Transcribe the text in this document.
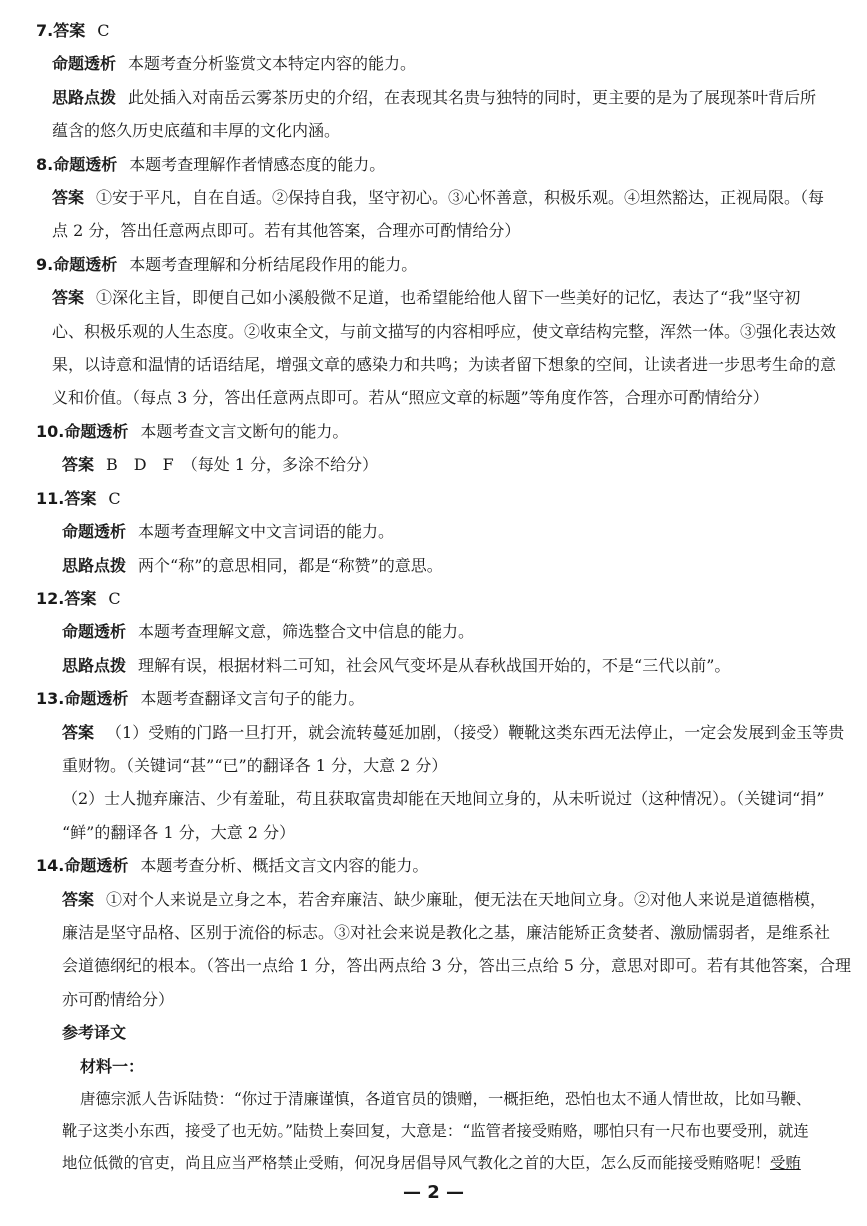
7.答案 C
命题透析 本题考查分析鉴赏文本特定内容的能力。
思路点拨 此处插入对南岳云雾茶历史的介绍，在表现其名贵与独特的同时，更主要的是为了展现茶叶背后所
蕴含的悠久历史底蕴和丰厚的文化内涵。
8.命题透析 本题考查理解作者情感态度的能力。
答案 ①安于平凡，自在自适。②保持自我，坚守初心。③心怀善意，积极乐观。④坦然豁达，正视局限。（每
点 2 分，答出任意两点即可。若有其他答案，合理亦可酌情给分）
9.命题透析 本题考查理解和分析结尾段作用的能力。
答案 ①深化主旨，即便自己如小溪般微不足道，也希望能给他人留下一些美好的记忆，表达了“我”坚守初
心、积极乐观的人生态度。②收束全文，与前文描写的内容相呼应，使文章结构完整，浑然一体。③强化表达效
果，以诗意和温情的话语结尾，增强文章的感染力和共鸣；为读者留下想象的空间，让读者进一步思考生命的意
义和价值。（每点 3 分，答出任意两点即可。若从“照应文章的标题”等角度作答，合理亦可酌情给分）
10.命题透析 本题考查文言文断句的能力。
答案 B　D　F　（每处 1 分，多涂不给分）
11.答案 C
命题透析 本题考查理解文中文言词语的能力。
思路点拨 两个“称”的意思相同，都是“称赞”的意思。
12.答案 C
命题透析 本题考查理解文意，筛选整合文中信息的能力。
思路点拨 理解有误，根据材料二可知，社会风气变坏是从春秋战国开始的，不是“三代以前”。
13.命题透析 本题考查翻译文言句子的能力。
答案 （1）受贿的门路一旦打开，就会流转蔓延加剧，（接受）鞭靴这类东西无法停止，一定会发展到金玉等贵
重财物。（关键词“甚”“已”的翻译各 1 分，大意 2 分）
（2）士人抛弃廉洁、少有羞耻，苟且获取富贵却能在天地间立身的，从未听说过（这种情况）。（关键词“捐”
“鲜”的翻译各 1 分，大意 2 分）
14.命题透析 本题考查分析、概括文言文内容的能力。
答案 ①对个人来说是立身之本，若舍弃廉洁、缺少廉耻，便无法在天地间立身。②对他人来说是道德楷模，
廉洁是坚守品格、区别于流俗的标志。③对社会来说是教化之基，廉洁能矫正贪婪者、激励懦弱者，是维系社
会道德纲纪的根本。（答出一点给 1 分，答出两点给 3 分，答出三点给 5 分，意思对即可。若有其他答案，合理
亦可酌情给分）
参考译文
材料一：
唐德宗派人告诉陆贽：“你过于清廉谨慎，各道官员的馈赠，一概拒绝，恐怕也太不通人情世故，比如马鞭、
靴子这类小东西，接受了也无妨。”陆贽上奏回复，大意是：“监管者接受贿赂，哪怕只有一尺布也要受刑，就连
地位低微的官吏，尚且应当严格禁止受贿，何况身居倡导风气教化之首的大臣，怎么反而能接受贿赂呢！受贿
— 2 —
